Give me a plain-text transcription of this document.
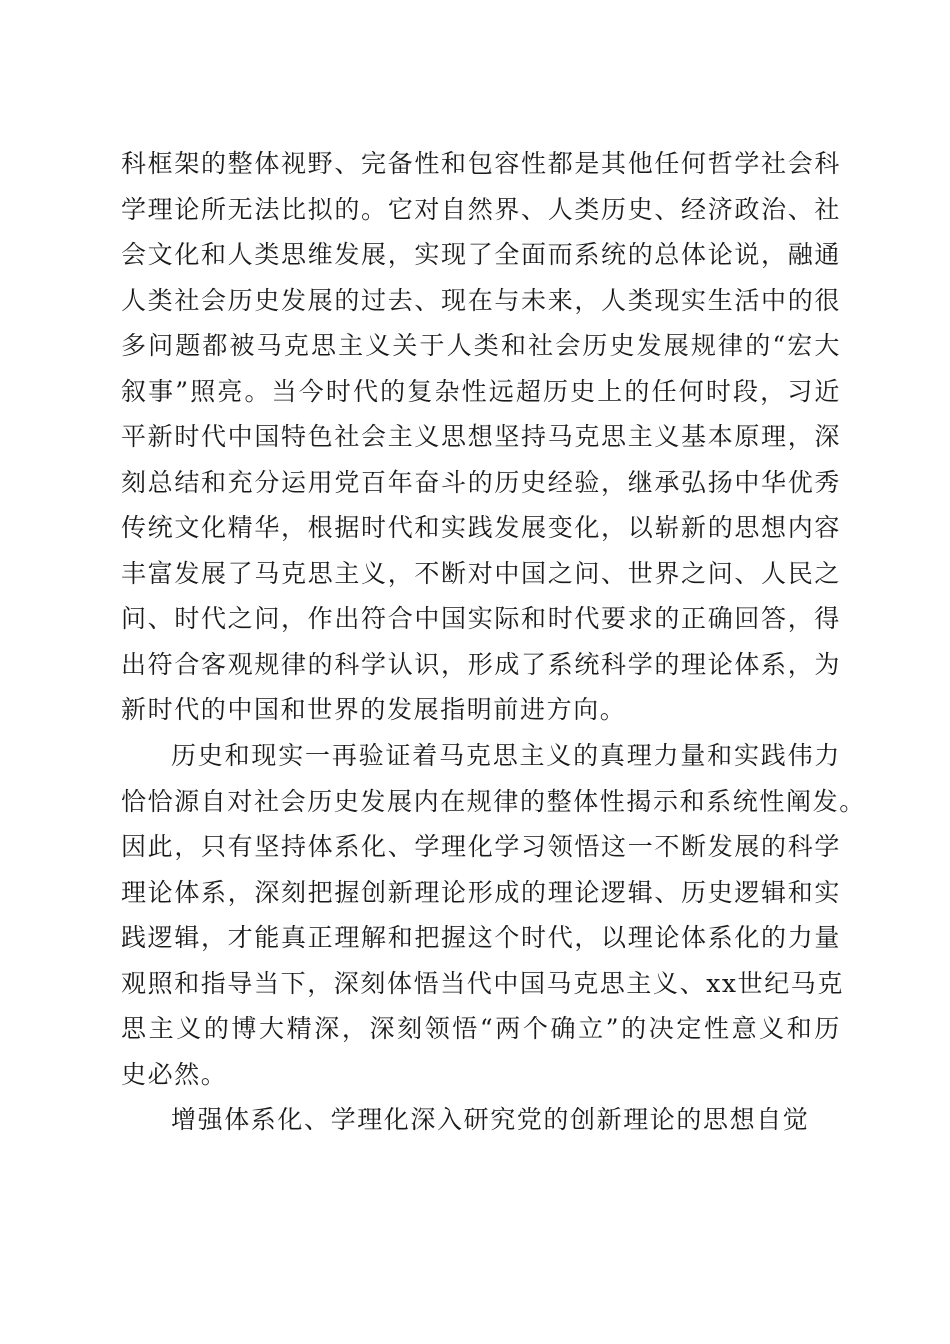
科框架的整体视野、完备性和包容性都是其他任何哲学社会科
学理论所无法比拟的。它对自然界、人类历史、经济政治、社
会文化和人类思维发展，实现了全面而系统的总体论说，融通
人类社会历史发展的过去、现在与未来，人类现实生活中的很
多问题都被马克思主义关于人类和社会历史发展规律的“宏大
叙事”照亮。当今时代的复杂性远超历史上的任何时段，习近
平新时代中国特色社会主义思想坚持马克思主义基本原理，深
刻总结和充分运用党百年奋斗的历史经验，继承弘扬中华优秀
传统文化精华，根据时代和实践发展变化，以崭新的思想内容
丰富发展了马克思主义，不断对中国之问、世界之问、人民之
问、时代之问，作出符合中国实际和时代要求的正确回答，得
出符合客观规律的科学认识，形成了系统科学的理论体系，为
新时代的中国和世界的发展指明前进方向。
历史和现实一再验证着马克思主义的真理力量和实践伟力
恰恰源自对社会历史发展内在规律的整体性揭示和系统性阐发。
因此，只有坚持体系化、学理化学习领悟这一不断发展的科学
理论体系，深刻把握创新理论形成的理论逻辑、历史逻辑和实
践逻辑，才能真正理解和把握这个时代，以理论体系化的力量
观照和指导当下，深刻体悟当代中国马克思主义、xx世纪马克
思主义的博大精深，深刻领悟“两个确立”的决定性意义和历
史必然。
增强体系化、学理化深入研究党的创新理论的思想自觉
